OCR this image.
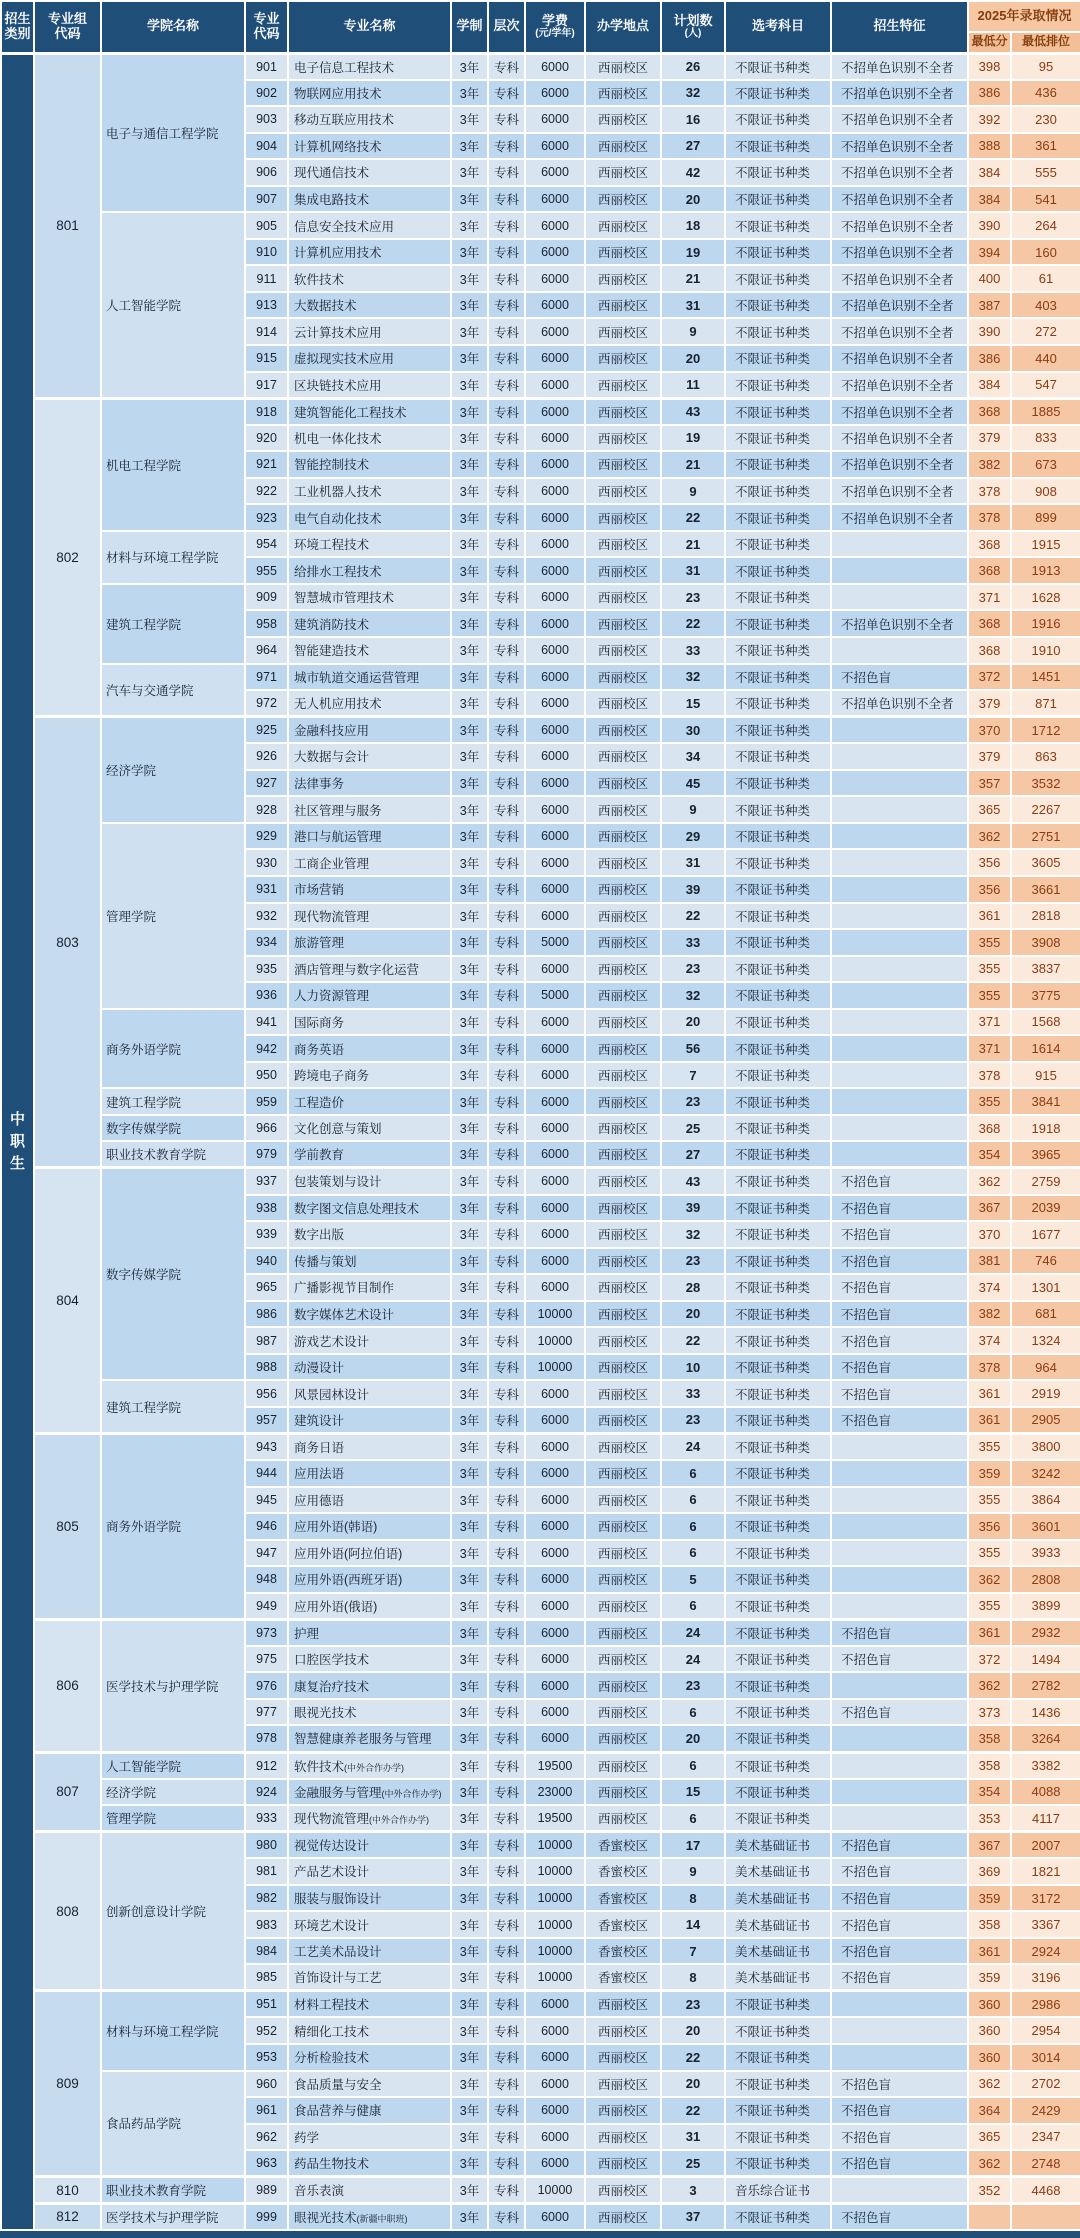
招生
类别	专业组
代码	学院名称	专业
代码	专业名称	学制	层次	学费
(元/学年)	办学地点	计划数
(人)	选考科目	招生特征	2025年录取情况	
												最低分	最低排位

中
职
生	801	电子与通信工程学院	901	电子信息工程技术	3年	专科	6000	西丽校区	26	不限证书种类	不招单色识别不全者	398	95
			902	物联网应用技术	3年	专科	6000	西丽校区	32	不限证书种类	不招单色识别不全者	386	436
			903	移动互联应用技术	3年	专科	6000	西丽校区	16	不限证书种类	不招单色识别不全者	392	230
			904	计算机网络技术	3年	专科	6000	西丽校区	27	不限证书种类	不招单色识别不全者	388	361
			906	现代通信技术	3年	专科	6000	西丽校区	42	不限证书种类	不招单色识别不全者	384	555
			907	集成电路技术	3年	专科	6000	西丽校区	20	不限证书种类	不招单色识别不全者	384	541
		人工智能学院	905	信息安全技术应用	3年	专科	6000	西丽校区	18	不限证书种类	不招单色识别不全者	390	264
			910	计算机应用技术	3年	专科	6000	西丽校区	19	不限证书种类	不招单色识别不全者	394	160
			911	软件技术	3年	专科	6000	西丽校区	21	不限证书种类	不招单色识别不全者	400	61
			913	大数据技术	3年	专科	6000	西丽校区	31	不限证书种类	不招单色识别不全者	387	403
			914	云计算技术应用	3年	专科	6000	西丽校区	9	不限证书种类	不招单色识别不全者	390	272
			915	虚拟现实技术应用	3年	专科	6000	西丽校区	20	不限证书种类	不招单色识别不全者	386	440
			917	区块链技术应用	3年	专科	6000	西丽校区	11	不限证书种类	不招单色识别不全者	384	547
	802	机电工程学院	918	建筑智能化工程技术	3年	专科	6000	西丽校区	43	不限证书种类	不招单色识别不全者	368	1885
			920	机电一体化技术	3年	专科	6000	西丽校区	19	不限证书种类	不招单色识别不全者	379	833
			921	智能控制技术	3年	专科	6000	西丽校区	21	不限证书种类	不招单色识别不全者	382	673
			922	工业机器人技术	3年	专科	6000	西丽校区	9	不限证书种类	不招单色识别不全者	378	908
			923	电气自动化技术	3年	专科	6000	西丽校区	22	不限证书种类	不招单色识别不全者	378	899
		材料与环境工程学院	954	环境工程技术	3年	专科	6000	西丽校区	21	不限证书种类		368	1915
			955	给排水工程技术	3年	专科	6000	西丽校区	31	不限证书种类		368	1913
		建筑工程学院	909	智慧城市管理技术	3年	专科	6000	西丽校区	23	不限证书种类		371	1628
			958	建筑消防技术	3年	专科	6000	西丽校区	22	不限证书种类	不招单色识别不全者	368	1916
			964	智能建造技术	3年	专科	6000	西丽校区	33	不限证书种类		368	1910
		汽车与交通学院	971	城市轨道交通运营管理	3年	专科	6000	西丽校区	32	不限证书种类	不招色盲	372	1451
			972	无人机应用技术	3年	专科	6000	西丽校区	15	不限证书种类	不招单色识别不全者	379	871
	803	经济学院	925	金融科技应用	3年	专科	6000	西丽校区	30	不限证书种类		370	1712
			926	大数据与会计	3年	专科	6000	西丽校区	34	不限证书种类		379	863
			927	法律事务	3年	专科	6000	西丽校区	45	不限证书种类		357	3532
			928	社区管理与服务	3年	专科	6000	西丽校区	9	不限证书种类		365	2267
		管理学院	929	港口与航运管理	3年	专科	6000	西丽校区	29	不限证书种类		362	2751
			930	工商企业管理	3年	专科	6000	西丽校区	31	不限证书种类		356	3605
			931	市场营销	3年	专科	6000	西丽校区	39	不限证书种类		356	3661
			932	现代物流管理	3年	专科	6000	西丽校区	22	不限证书种类		361	2818
			934	旅游管理	3年	专科	5000	西丽校区	33	不限证书种类		355	3908
			935	酒店管理与数字化运营	3年	专科	6000	西丽校区	23	不限证书种类		355	3837
			936	人力资源管理	3年	专科	5000	西丽校区	32	不限证书种类		355	3775
		商务外语学院	941	国际商务	3年	专科	6000	西丽校区	20	不限证书种类		371	1568
			942	商务英语	3年	专科	6000	西丽校区	56	不限证书种类		371	1614
			950	跨境电子商务	3年	专科	6000	西丽校区	7	不限证书种类		378	915
		建筑工程学院	959	工程造价	3年	专科	6000	西丽校区	23	不限证书种类		355	3841
		数字传媒学院	966	文化创意与策划	3年	专科	6000	西丽校区	25	不限证书种类		368	1918
		职业技术教育学院	979	学前教育	3年	专科	6000	西丽校区	27	不限证书种类		354	3965
	804	数字传媒学院	937	包装策划与设计	3年	专科	6000	西丽校区	43	不限证书种类	不招色盲	362	2759
			938	数字图文信息处理技术	3年	专科	6000	西丽校区	39	不限证书种类	不招色盲	367	2039
			939	数字出版	3年	专科	6000	西丽校区	32	不限证书种类	不招色盲	370	1677
			940	传播与策划	3年	专科	6000	西丽校区	23	不限证书种类	不招色盲	381	746
			965	广播影视节目制作	3年	专科	6000	西丽校区	28	不限证书种类	不招色盲	374	1301
			986	数字媒体艺术设计	3年	专科	10000	西丽校区	20	不限证书种类	不招色盲	382	681
			987	游戏艺术设计	3年	专科	10000	西丽校区	22	不限证书种类	不招色盲	374	1324
			988	动漫设计	3年	专科	10000	西丽校区	10	不限证书种类	不招色盲	378	964
		建筑工程学院	956	风景园林设计	3年	专科	6000	西丽校区	33	不限证书种类	不招色盲	361	2919
			957	建筑设计	3年	专科	6000	西丽校区	23	不限证书种类	不招色盲	361	2905
	805	商务外语学院	943	商务日语	3年	专科	6000	西丽校区	24	不限证书种类		355	3800
			944	应用法语	3年	专科	6000	西丽校区	6	不限证书种类		359	3242
			945	应用德语	3年	专科	6000	西丽校区	6	不限证书种类		355	3864
			946	应用外语(韩语)	3年	专科	6000	西丽校区	6	不限证书种类		356	3601
			947	应用外语(阿拉伯语)	3年	专科	6000	西丽校区	6	不限证书种类		355	3933
			948	应用外语(西班牙语)	3年	专科	6000	西丽校区	5	不限证书种类		362	2808
			949	应用外语(俄语)	3年	专科	6000	西丽校区	6	不限证书种类		355	3899
	806	医学技术与护理学院	973	护理	3年	专科	6000	西丽校区	24	不限证书种类	不招色盲	361	2932
			975	口腔医学技术	3年	专科	6000	西丽校区	24	不限证书种类	不招色盲	372	1494
			976	康复治疗技术	3年	专科	6000	西丽校区	23	不限证书种类		362	2782
			977	眼视光技术	3年	专科	6000	西丽校区	6	不限证书种类	不招色盲	373	1436
			978	智慧健康养老服务与管理	3年	专科	6000	西丽校区	20	不限证书种类		358	3264
	807	人工智能学院	912	软件技术(中外合作办学)	3年	专科	19500	西丽校区	6	不限证书种类		358	3382
		经济学院	924	金融服务与管理(中外合作办学)	3年	专科	23000	西丽校区	15	不限证书种类		354	4088
		管理学院	933	现代物流管理(中外合作办学)	3年	专科	19500	西丽校区	6	不限证书种类		353	4117
	808	创新创意设计学院	980	视觉传达设计	3年	专科	10000	香蜜校区	17	美术基础证书	不招色盲	367	2007
			981	产品艺术设计	3年	专科	10000	香蜜校区	9	美术基础证书	不招色盲	369	1821
			982	服装与服饰设计	3年	专科	10000	香蜜校区	8	美术基础证书	不招色盲	359	3172
			983	环境艺术设计	3年	专科	10000	香蜜校区	14	美术基础证书	不招色盲	358	3367
			984	工艺美术品设计	3年	专科	10000	香蜜校区	7	美术基础证书	不招色盲	361	2924
			985	首饰设计与工艺	3年	专科	10000	香蜜校区	8	美术基础证书	不招色盲	359	3196
	809	材料与环境工程学院	951	材料工程技术	3年	专科	6000	西丽校区	23	不限证书种类		360	2986
			952	精细化工技术	3年	专科	6000	西丽校区	20	不限证书种类		360	2954
			953	分析检验技术	3年	专科	6000	西丽校区	22	不限证书种类		360	3014
		食品药品学院	960	食品质量与安全	3年	专科	6000	西丽校区	20	不限证书种类	不招色盲	362	2702
			961	食品营养与健康	3年	专科	6000	西丽校区	22	不限证书种类	不招色盲	364	2429
			962	药学	3年	专科	6000	西丽校区	31	不限证书种类	不招色盲	365	2347
			963	药品生物技术	3年	专科	6000	西丽校区	25	不限证书种类	不招色盲	362	2748
	810	职业技术教育学院	989	音乐表演	3年	专科	10000	西丽校区	3	音乐综合证书		352	4468
	812	医学技术与护理学院	999	眼视光技术(新疆中职班)	3年	专科	6000	西丽校区	37	不限证书种类	不招色盲		
